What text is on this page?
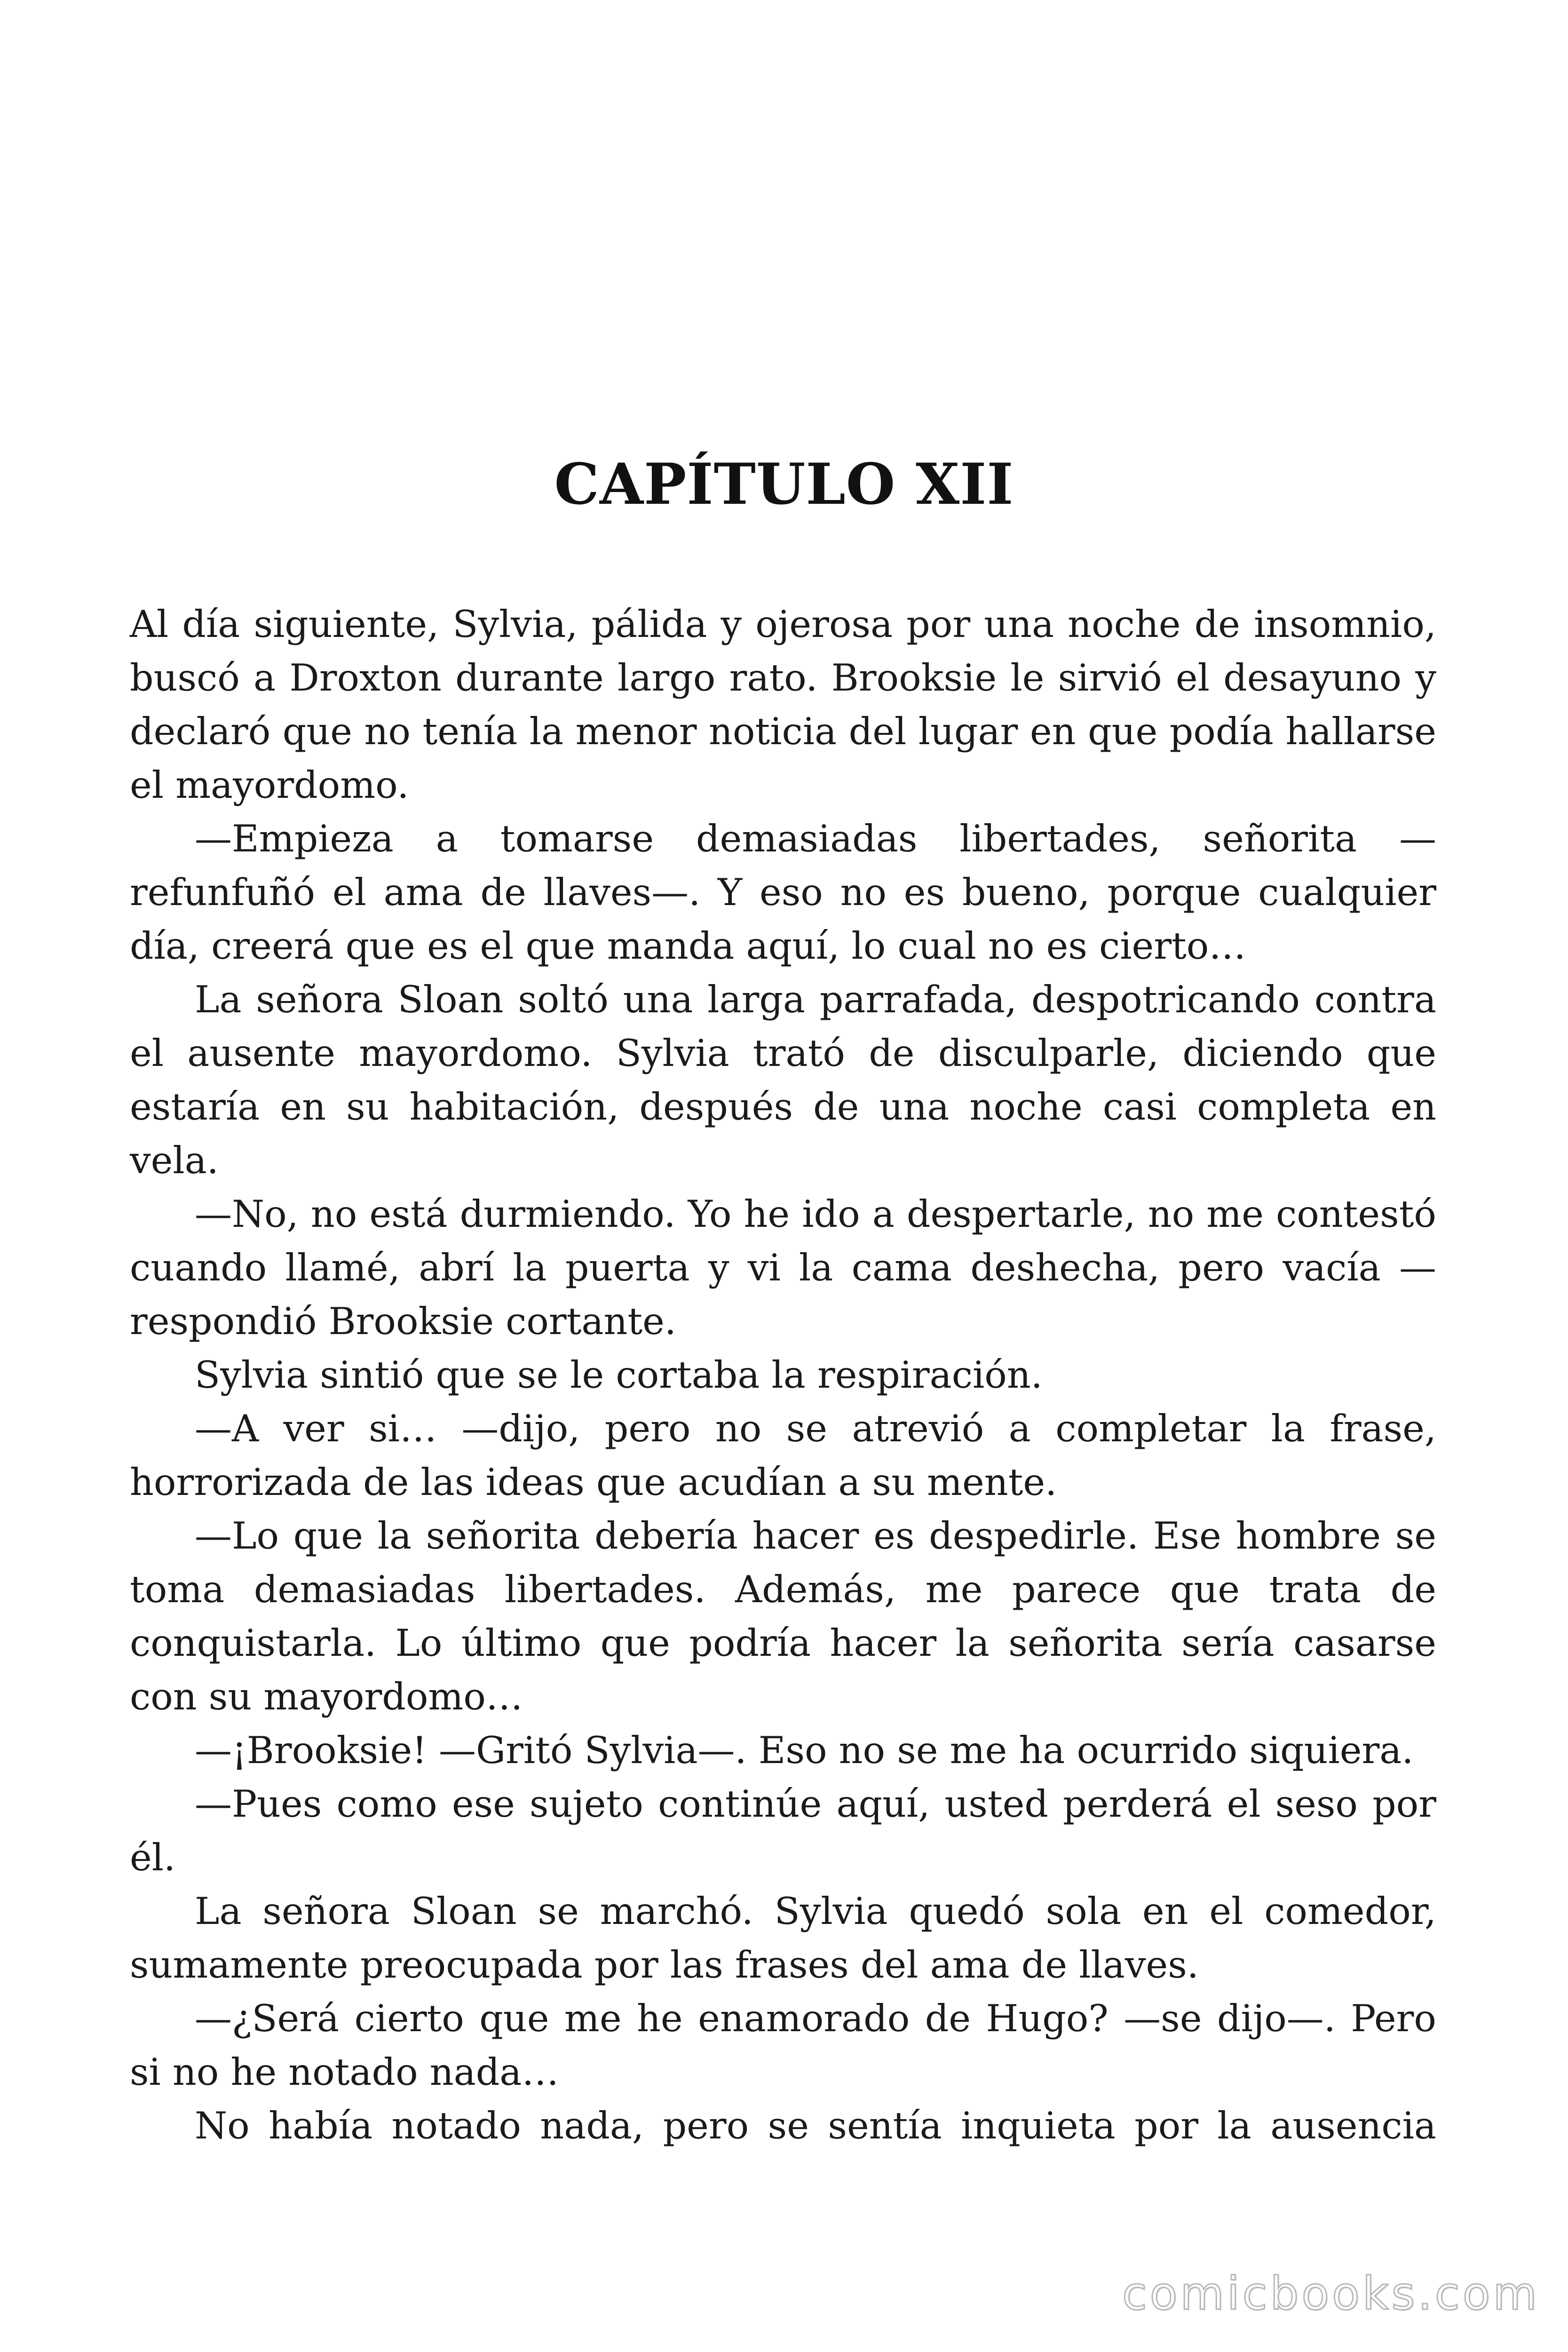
CAPÍTULO XII

Al día siguiente, Sylvia, pálida y ojerosa por una noche de insomnio, buscó a Droxton durante largo rato. Brooksie le sirvió el desayuno y declaró que no tenía la menor noticia del lugar en que podía hallarse el mayordomo.

—Empieza a tomarse demasiadas libertades, señorita —refunfuñó el ama de llaves—. Y eso no es bueno, porque cualquier día, creerá que es el que manda aquí, lo cual no es cierto…

La señora Sloan soltó una larga parrafada, despotricando contra el ausente mayordomo. Sylvia trató de disculparle, diciendo que estaría en su habitación, después de una noche casi completa en vela.

—No, no está durmiendo. Yo he ido a despertarle, no me contestó cuando llamé, abrí la puerta y vi la cama deshecha, pero vacía —respondió Brooksie cortante.

Sylvia sintió que se le cortaba la respiración.

—A ver si… —dijo, pero no se atrevió a completar la frase, horrorizada de las ideas que acudían a su mente.

—Lo que la señorita debería hacer es despedirle. Ese hombre se toma demasiadas libertades. Además, me parece que trata de conquistarla. Lo último que podría hacer la señorita sería casarse con su mayordomo…

—¡Brooksie! —Gritó Sylvia—. Eso no se me ha ocurrido siquiera.

—Pues como ese sujeto continúe aquí, usted perderá el seso por él.

La señora Sloan se marchó. Sylvia quedó sola en el comedor, sumamente preocupada por las frases del ama de llaves.

—¿Será cierto que me he enamorado de Hugo? —se dijo—. Pero si no he notado nada…

No había notado nada, pero se sentía inquieta por la ausencia

comicbooks.com
